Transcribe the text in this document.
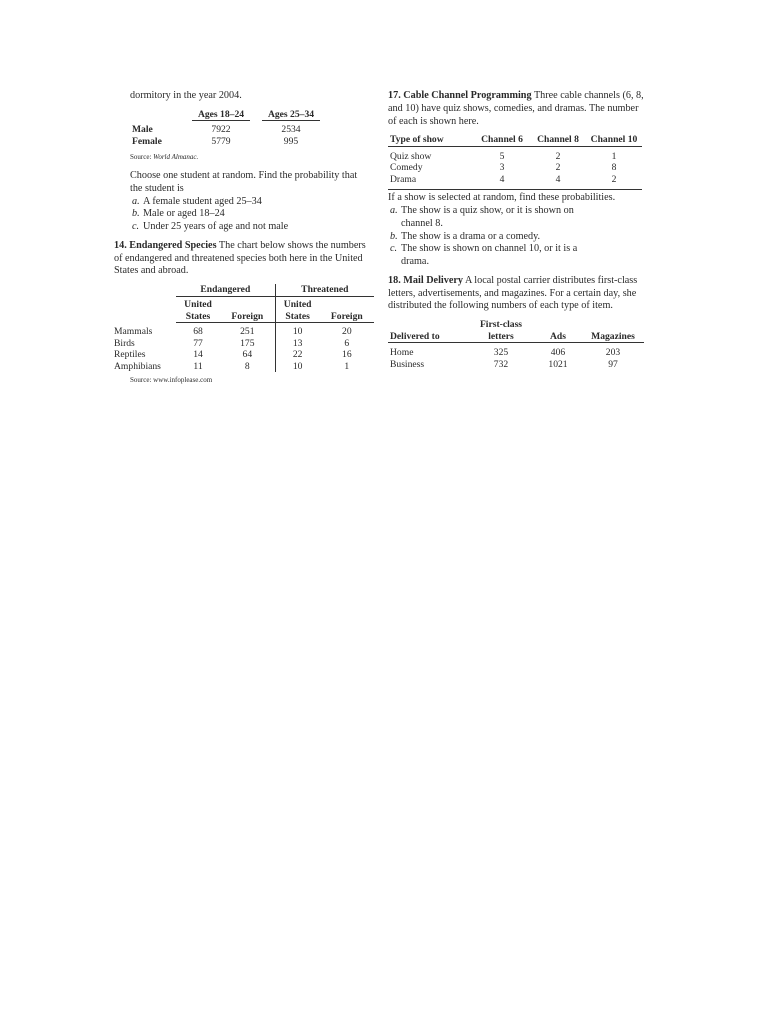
dormitory in the year 2004.

	Ages 18–24		Ages 25–34

Male	7922		2534
Female	5779		995

Source: World Almanac.

Choose one student at random. Find the probability that the student is

a. A female student aged 25–34
b. Male or aged 18–24
c. Under 25 years of age and not male

14. Endangered Species The chart below shows the numbers of endangered and threatened species both here in the United States and abroad.

	Endangered		Threatened	

	United States	Foreign	United States	Foreign
Mammals	68	251	10	20
Birds	77	175	13	6
Reptiles	14	64	22	16
Amphibians	11	8	10	1

Source: www.infoplease.com

17. Cable Channel Programming Three cable channels (6, 8, and 10) have quiz shows, comedies, and dramas. The number of each is shown here.

Type of show	Channel 6	Channel 8	Channel 10
Quiz show	5	2	1
Comedy	3	2	8
Drama	4	4	2

If a show is selected at random, find these probabilities.

a. The show is a quiz show, or it is shown on channel 8.
b. The show is a drama or a comedy.
c. The show is shown on channel 10, or it is a drama.

18. Mail Delivery A local postal carrier distributes first-class letters, advertisements, and magazines. For a certain day, she distributed the following numbers of each type of item.

Delivered to	First-class letters	Ads	Magazines
Home	325	406	203
Business	732	1021	97
